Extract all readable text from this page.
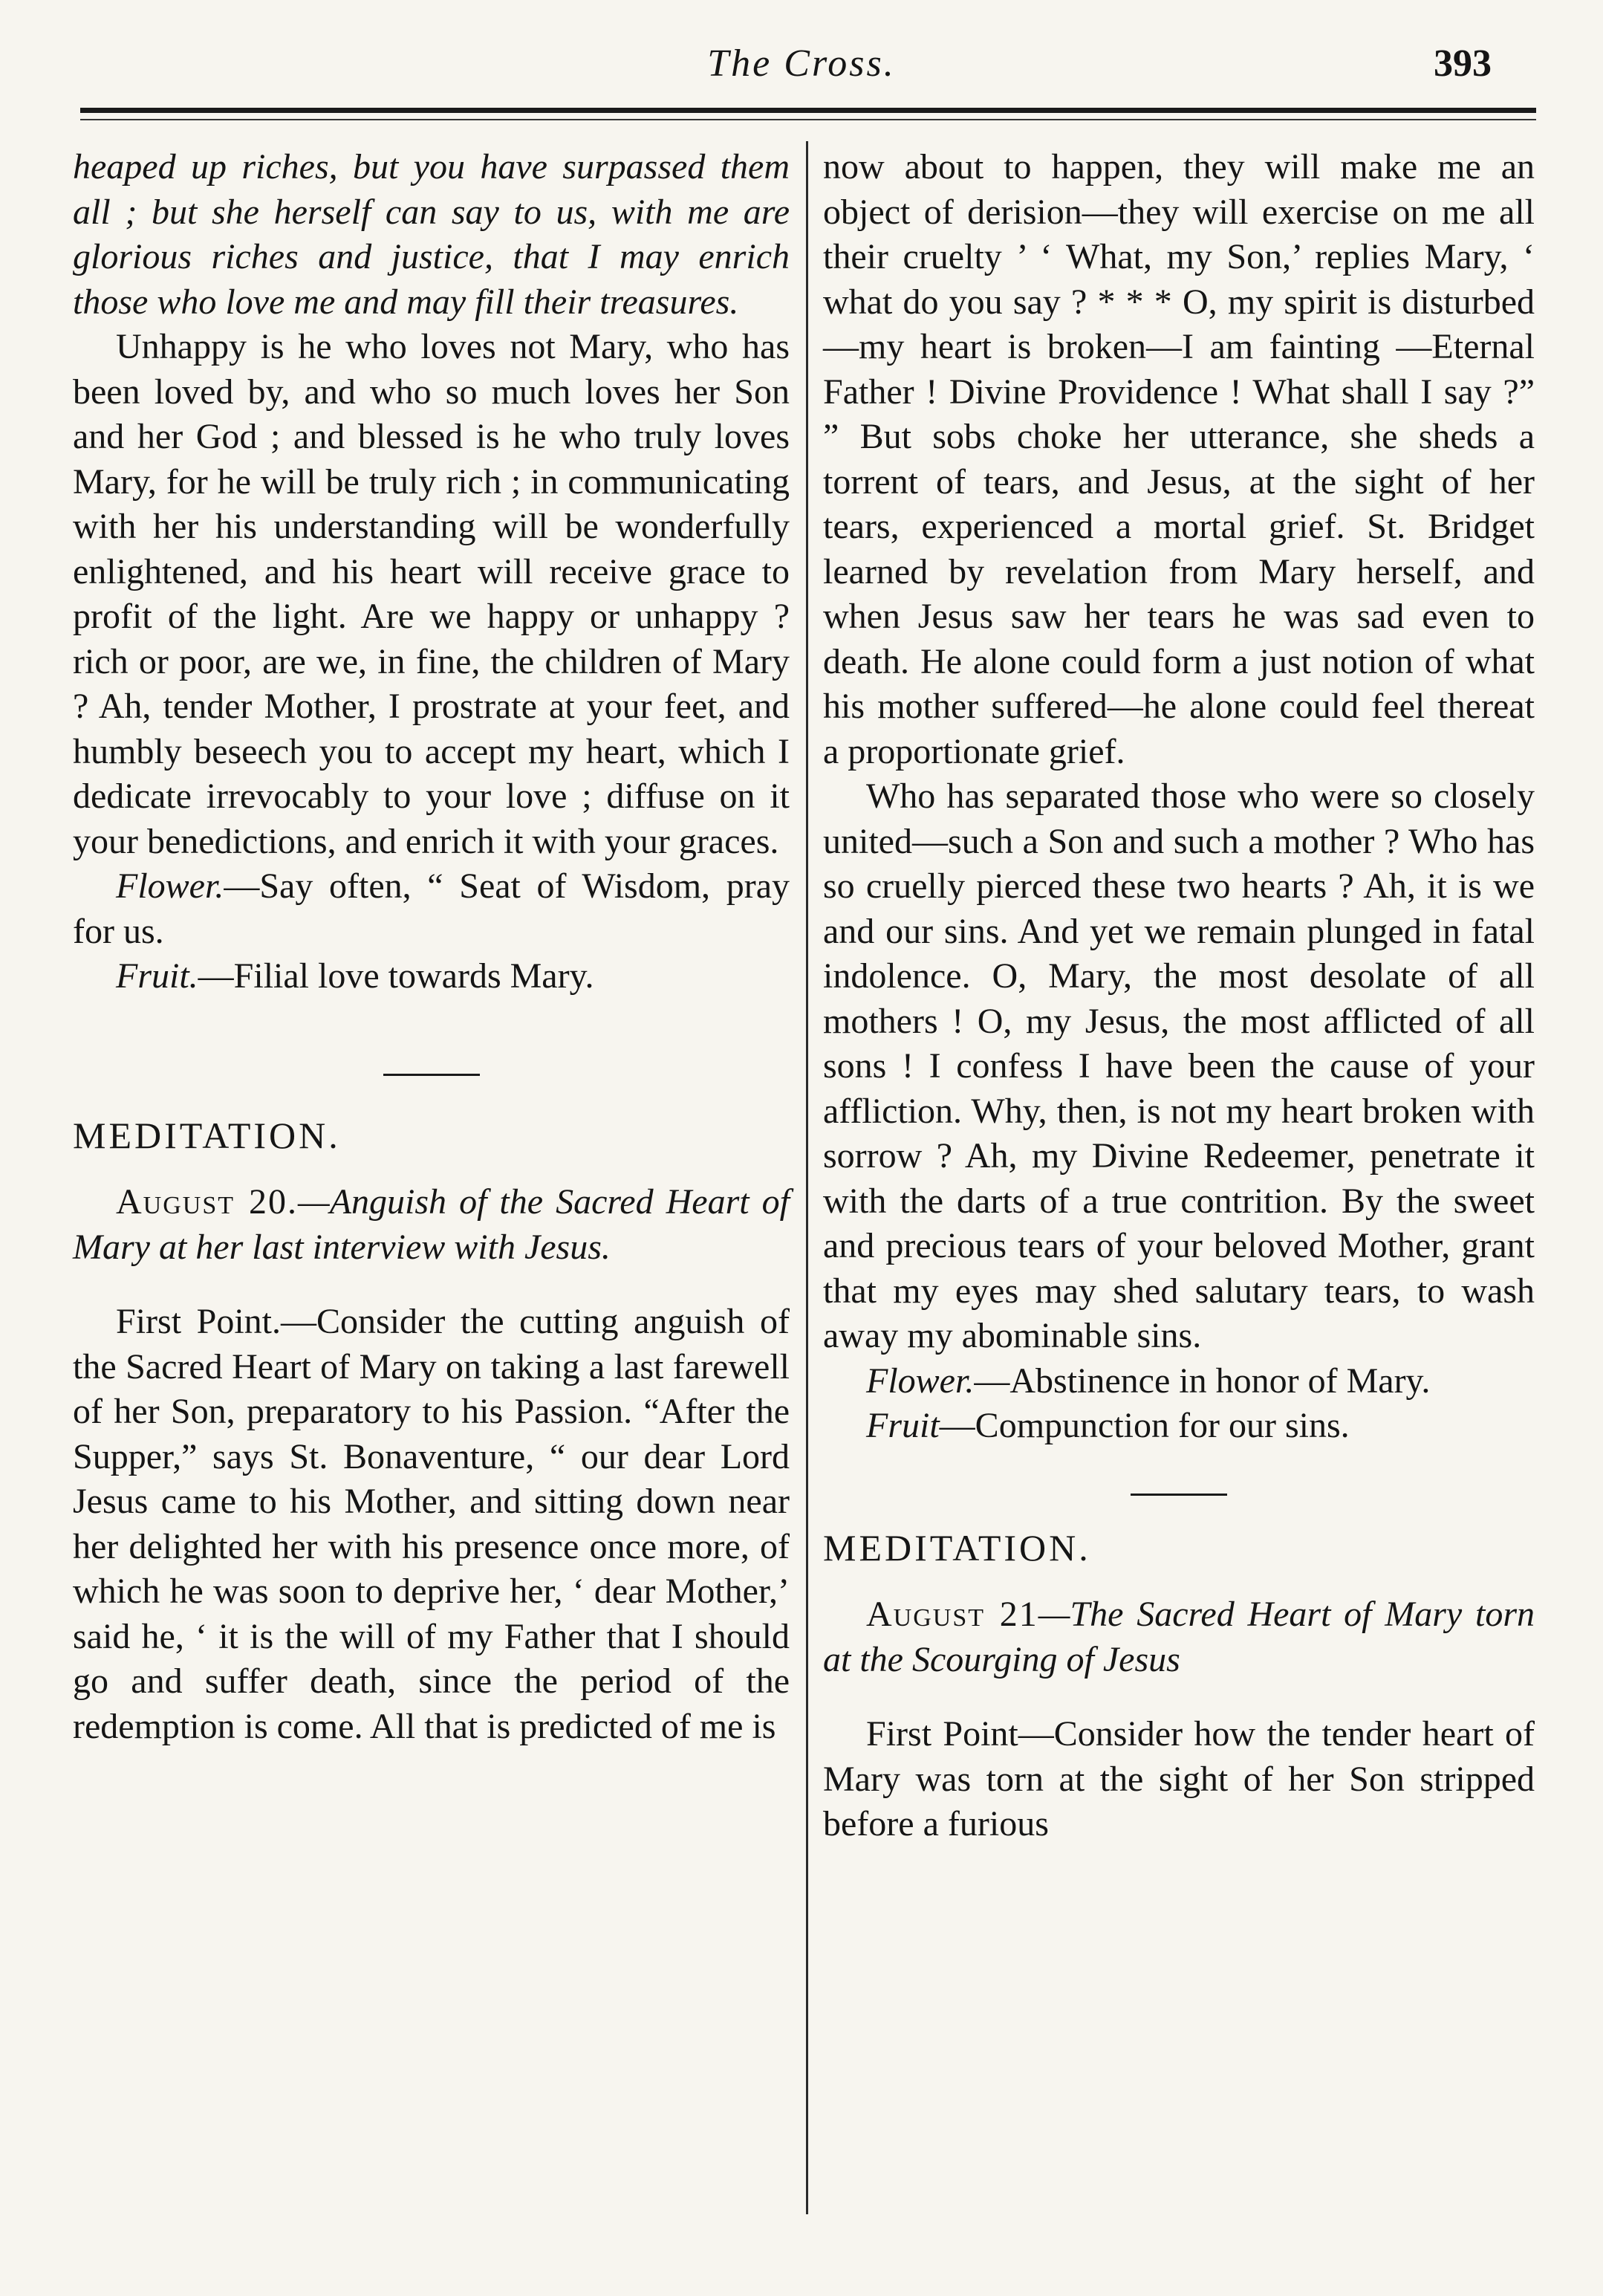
The Cross.	393

heaped up riches, but you have surpassed them all ; but she herself can say to us, with me are glorious riches and justice, that I may enrich those who love me and may fill their treasures.

Unhappy is he who loves not Mary, who has been loved by, and who so much loves her Son and her God ; and blessed is he who truly loves Mary, for he will be truly rich ; in communicating with her his understanding will be wonderfully enlightened, and his heart will receive grace to profit of the light. Are we happy or unhappy ? rich or poor, are we, in fine, the children of Mary ? Ah, tender Mother, I prostrate at your feet, and humbly beseech you to accept my heart, which I dedicate irrevocably to your love ; diffuse on it your benedictions, and enrich it with your graces.

Flower.—Say often, “ Seat of Wisdom, pray for us.

Fruit.—Filial love towards Mary.

MEDITATION.

August 20.—Anguish of the Sacred Heart of Mary at her last interview with Jesus.

First Point.—Consider the cutting anguish of the Sacred Heart of Mary on taking a last farewell of her Son, preparatory to his Passion. “After the Supper,” says St. Bonaventure, “ our dear Lord Jesus came to his Mother, and sitting down near her delighted her with his presence once more, of which he was soon to deprive her, ‘ dear Mother,’ said he, ‘ it is the will of my Father that I should go and suffer death, since the period of the redemption is come. All that is predicted of me is

now about to happen, they will make me an object of derision—they will exercise on me all their cruelty ’ ‘ What, my Son,’ replies Mary, ‘ what do you say ? * * * O, my spirit is disturbed—my heart is broken—I am fainting —Eternal Father ! Divine Providence ! What shall I say ?” ” But sobs choke her utterance, she sheds a torrent of tears, and Jesus, at the sight of her tears, experienced a mortal grief. St. Bridget learned by revelation from Mary herself, and when Jesus saw her tears he was sad even to death. He alone could form a just notion of what his mother suffered—he alone could feel thereat a proportionate grief.

Who has separated those who were so closely united—such a Son and such a mother ? Who has so cruelly pierced these two hearts ? Ah, it is we and our sins. And yet we remain plunged in fatal indolence. O, Mary, the most desolate of all mothers ! O, my Jesus, the most afflicted of all sons ! I confess I have been the cause of your affliction. Why, then, is not my heart broken with sorrow ? Ah, my Divine Redeemer, penetrate it with the darts of a true contrition. By the sweet and precious tears of your beloved Mother, grant that my eyes may shed salutary tears, to wash away my abominable sins.

Flower.—Abstinence in honor of Mary.

Fruit—Compunction for our sins.

MEDITATION.

August 21—The Sacred Heart of Mary torn at the Scourging of Jesus

First Point—Consider how the tender heart of Mary was torn at the sight of her Son stripped before a furious
